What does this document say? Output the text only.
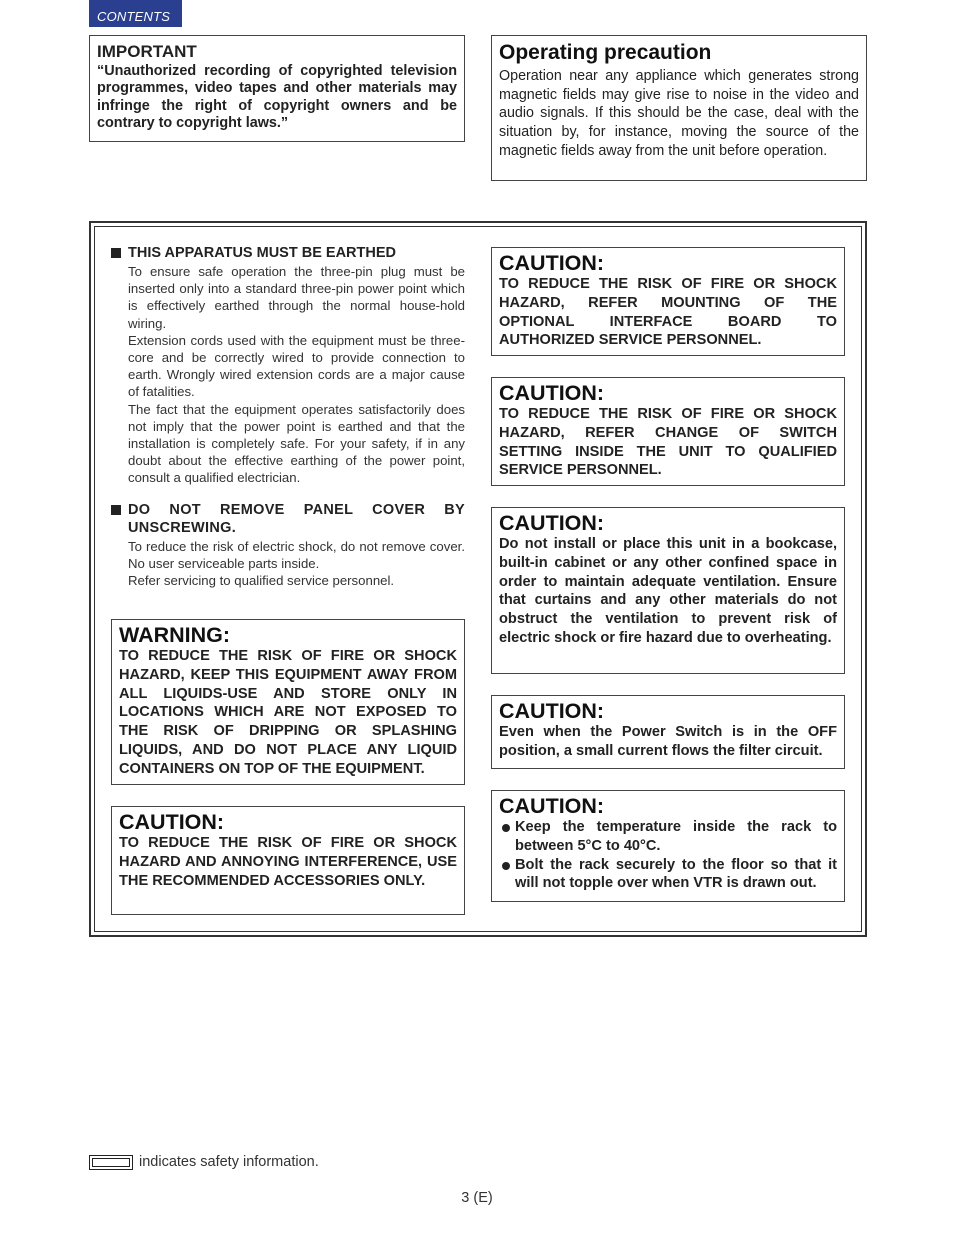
CONTENTS
IMPORTANT

“Unauthorized recording of copyrighted television programmes, video tapes and other materials may infringe the right of copyright owners and be contrary to copyright laws.”

Operating precaution

Operation near any appliance which generates strong magnetic fields may give rise to noise in the video and audio signals. If this should be the case, deal with the situation by, for instance, moving the source of the magnetic fields away from the unit before operation.

THIS APPARATUS MUST BE EARTHED

To ensure safe operation the three-pin plug must be inserted only into a standard three-pin power point which is effectively earthed through the normal house-hold wiring.

Extension cords used with the equipment must be three-core and be correctly wired to provide connection to earth. Wrongly wired extension cords are a major cause of fatalities.

The fact that the equipment operates satisfactorily does not imply that the power point is earthed and that the installation is completely safe. For your safety, if in any doubt about the effective earthing of the power point, consult a qualified electrician.

DO NOT REMOVE PANEL COVER BY UNSCREWING.

To reduce the risk of electric shock, do not remove cover. No user serviceable parts inside.

Refer servicing to qualified service personnel.

WARNING:

TO REDUCE THE RISK OF FIRE OR SHOCK HAZARD, KEEP THIS EQUIPMENT AWAY FROM ALL LIQUIDS-USE AND STORE ONLY IN LOCATIONS WHICH ARE NOT EXPOSED TO THE RISK OF DRIPPING OR SPLASHING LIQUIDS, AND DO NOT PLACE ANY LIQUID CONTAINERS ON TOP OF THE EQUIPMENT.

CAUTION:

TO REDUCE THE RISK OF FIRE OR SHOCK HAZARD AND ANNOYING INTERFERENCE, USE THE RECOMMENDED ACCESSORIES ONLY.

CAUTION:

TO REDUCE THE RISK OF FIRE OR SHOCK HAZARD, REFER MOUNTING OF THE OPTIONAL INTERFACE BOARD TO AUTHORIZED SERVICE PERSONNEL.

CAUTION:

TO REDUCE THE RISK OF FIRE OR SHOCK HAZARD, REFER CHANGE OF SWITCH SETTING INSIDE THE UNIT TO QUALIFIED SERVICE PERSONNEL.

CAUTION:

Do not install or place this unit in a bookcase, built-in cabinet or any other confined space in order to maintain adequate ventilation. Ensure that curtains and any other materials do not obstruct the ventilation to prevent risk of electric shock or fire hazard due to overheating.

CAUTION:

Even when the Power Switch is in the OFF position, a small current flows the filter circuit.

CAUTION:

Keep the temperature inside the rack to between 5°C to 40°C.

Bolt the rack securely to the floor so that it will not topple over when VTR is drawn out.

indicates safety information.
3 (E)
